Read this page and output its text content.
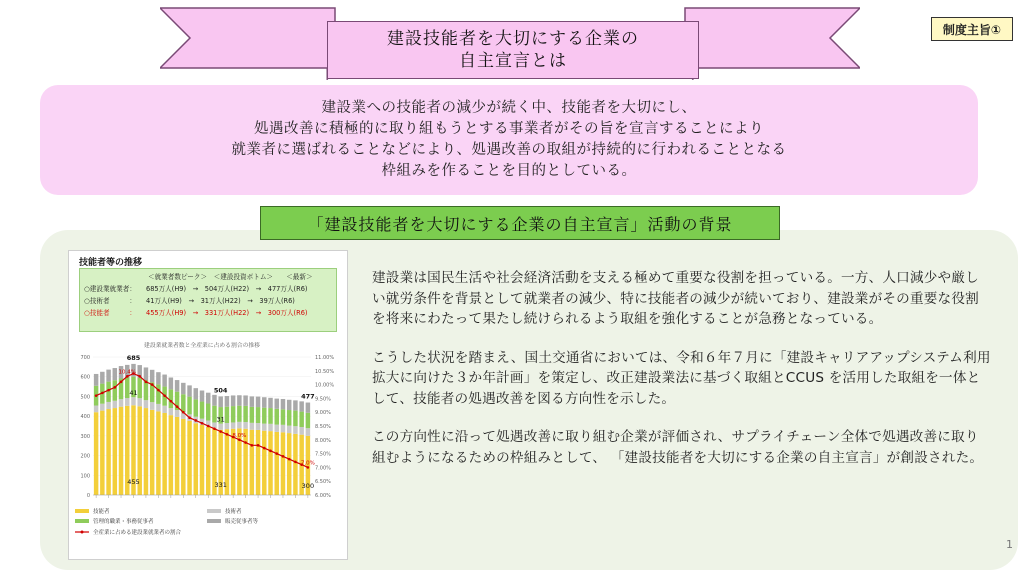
建設技能者を大切にする企業の
自主宣言とは
制度主旨①
建設業への技能者の減少が続く中、技能者を大切にし、
処遇改善に積極的に取り組もうとする事業者がその旨を宣言することにより
就業者に選ばれることなどにより、処遇改善の取組が持続的に行われることとなる
枠組みを作ることを目的としている。
「建設技能者を大切にする企業の自主宣言」活動の背景
技能者等の推移
＜就業者数ピーク＞　＜建設投資ボトム＞　　＜最新＞
○建設業就業者：	685万人(H9)　→　504万人(H22)　→　477万人(R6)
○技術者　　　：	41万人(H9)　→　31万人(H22)　→　39万人(R6)
○技能者　　　：	455万人(H9)　→　331万人(H22)　→　300万人(R6)
建設業就業者数と全産業に占める割合の推移
0
100
200
300
400
500
600
700	11.00%
10.50%
10.00%
9.50%
9.00%
8.50%
8.00%
7.50%
7.00%
6.50%
6.00%
685
504
477
41
31
455	331	300
10.4%
8.0%
7.0%
技能者	技術者
管理的職業・事務従事者	販売従事者等
全産業に占める建設業就業者の割合

建設業は国民生活や社会経済活動を支える極めて重要な役割を担っている。一方、人口減少や厳しい就労条件を背景として就業者の減少、特に技能者の減少が続いており、建設業がその重要な役割を将来にわたって果たし続けられるよう取組を強化することが急務となっている。

こうした状況を踏まえ、国土交通省においては、令和６年７月に「建設キャリアアップシステム利用拡大に向けた３か年計画」を策定し、改正建設業法に基づく取組とCCUS を活用した取組を一体として、技能者の処遇改善を図る方向性を示した。

この方向性に沿って処遇改善に取り組む企業が評価され、サプライチェーン全体で処遇改善に取り組むようになるための枠組みとして、 「建設技能者を大切にする企業の自主宣言」が創設された。

1
